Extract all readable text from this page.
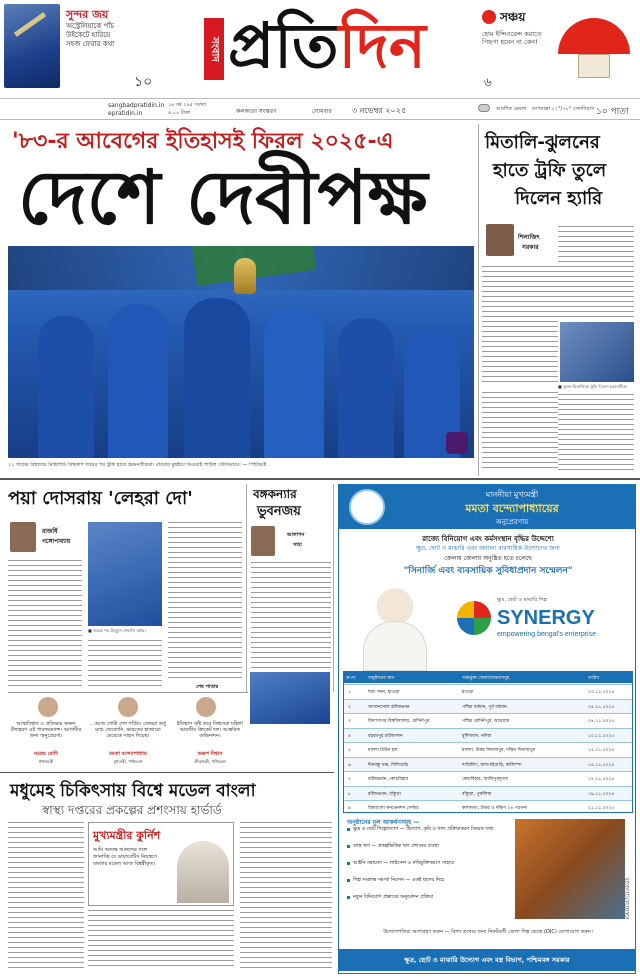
সুন্দর জয়
অস্ট্রেলিয়াকে পাঁচ উইকেটে হারিয়ে সহজ ফেরার কথা
১০
সংবাদ প্রতিদিন	সঞ্চয়
হোম ইন্সিওরেন্স করাতে পিছপা হবেন না কেন!
৬
sangbadpratidin.in
epratidin.in
১৮ বর্ষ ২৯৫ সংখ্যা
৪.০০ টাকা	কলকাতা সংস্করণ	সোমবার	৩ নভেম্বর ২০২৫	আংশিক মেঘলা তাপমাত্রা ২২°/৩০° সেলসিয়াস ১০ পাতা
'৮৩-র আবেগের ইতিহাসই ফিরল ২০২৫-এ
দেশে দেবীপক্ষ
২২ গজের বিশ্বজয়ে মিছিলিট। বিশ্বকাপ জয়ের পর ট্রফি হাতে হরমনপ্রীতরা। রবিবার মুম্বইয়ে ডিওয়াই পাটিল স্টেডিয়ামে। — পিটিআই
মিতালি-ঝুলনের
হাতে ট্রফি তুলে
দিলেন হ্যারি
শিলাজিৎ
সরকার
■ ঝুলন-মিতালিকে ট্রফি দিলেন হরমনপ্রীত।
পয়া দোসরায় 'লেহরা দো'
রাজর্ষি
গঙ্গোপাধ্যায়
■ জয়ের পর উচ্ছ্বাস শেফালি বর্মার।
বঙ্গকন্যার
ভুবনজয়
আলাপন
সাহা
শেষ পাতায়
আত্মবিশ্বাস ও প্রতিভার অনন্য উদাহরণ এই পারফরম্যান্স। আগামীর জন্য অনুপ্রেরণা।
নরেন্দ্র মোদি
প্রধানমন্ত্রী
...আজ গোটা দেশ গর্বিত। তোমরা শুধু ম্যাচ জেতোনি, ভারতের হাজারো মেয়েকে সাহস দিয়েছ।
মমতা বন্দ্যোপাধ্যায়
মুখ্যমন্ত্রী, পশ্চিমবঙ্গ
ইতিহাস সৃষ্টি করে বিশ্বসেরা মহিলা ভারতীয় ক্রিকেট দল। আন্তরিক অভিনন্দন।
অরূপ বিশ্বাস
ক্রীড়ামন্ত্রী, পশ্চিমবঙ্গ
মধুমেহ চিকিৎসায় বিশ্বে মডেল বাংলা
স্বাস্থ্য দপ্তরের প্রকল্পের প্রশংসায় হার্ভার্ড
মুখ্যমন্ত্রীর কুর্নিশ
আমি অত্যন্ত আনন্দের সঙ্গে জানাচ্ছি যে ডায়াবেটিস নিয়ন্ত্রণে বাংলার মডেল আজ বিশ্বস্বীকৃত।
মাননীয়া মুখ্যমন্ত্রী
মমতা বন্দ্যোপাধ্যায়ের
অনুপ্রেরণায়
রাজ্যে বিনিয়োগ এবং কর্মসংস্থান বৃদ্ধির উদ্দেশ্যে
ক্ষুদ্র, ছোট ও মাঝারি এবং অন্যান্য ব্যবসায়িক উদ্যোগের জন্য
জেলায় জেলায় অনুষ্ঠিত হতে চলেছে
"সিনার্জি এবং ব্যবসায়িক সুবিধাপ্রদান সম্মেলন"
ক্ষুদ্র, ছোট ও মাঝারি শিল্প
SYNERGY
empowering bengal's enterprise
ক্র.নং	অনুষ্ঠানের স্থান	অন্তর্ভুক্ত জেলা/অঞ্চলসমূহ	তারিখ
১	শরৎ সদন, হাওড়া	হাওড়া	০৩.১১.২০২৫
২	আসানসোল রবীন্দ্রভবন	পশ্চিম বর্ধমান, পূর্ব বর্ধমান	০৫.১১.২০২৫
৩	বিদ্যাসাগর বিশ্ববিদ্যালয়, মেদিনীপুর	পশ্চিম মেদিনীপুর, ঝাড়গ্রাম	০৭.১১.২০২৫
৪	বহরমপুর রবীন্দ্রসদন	মুর্শিদাবাদ, নদিয়া	১০.১১.২০২৫
৫	মালদা টাউন হল	মালদা, উত্তর দিনাজপুর, দক্ষিণ দিনাজপুর	১২.১১.২০২৫
৬	দীনবন্ধু মঞ্চ, শিলিগুড়ি	দার্জিলিং, জলপাইগুড়ি, কালিম্পং	১৪.১১.২০২৫
৭	রবীন্দ্রভবন, কোচবিহার	কোচবিহার, আলিপুরদুয়ার	১৭.১১.২০২৫
৮	রবীন্দ্রভবন, বাঁকুড়া	বাঁকুড়া, পুরুলিয়া	১৯.১১.২০২৫
৯	বিশ্ববাংলা কনভেনশন সেন্টার	কলকাতা, উত্তর ও দক্ষিণ ২৪ পরগনা	২১.১১.২০২৫
অনুষ্ঠানের মূল আকর্ষণসমূহ —
ক্ষুদ্র ও ছোট শিল্পোদ্যোগ — উদ্যোগ, কৃষি ও খাদ্য প্রক্রিয়াকরণ বিষয়ক তথ্য
ব্যাঙ্ক ঋণ — প্রকল্পভিত্তিক ঋণ প্রদানের ব্যবস্থা
আইনি সহায়তা — লাইসেন্স ও নথিভুক্তিকরণে সাহায্য
শিল্প সংক্রান্ত সমস্যা নিরসন — একই ছাদের নিচে
নতুন বিনিয়োগ প্রস্তাবের অনুমোদন প্রক্রিয়া	ICA-D2147(11)/2025
উদ্যোগপতিরা অংশগ্রহণ করুন — বিশদ তথ্যের জন্য নিকটবর্তী জেলা শিল্প কেন্দ্রে (DIC) যোগাযোগ করুন।
ক্ষুদ্র, ছোট ও মাঝারি উদ্যোগ এবং বস্ত্র বিভাগ, পশ্চিমবঙ্গ সরকার
